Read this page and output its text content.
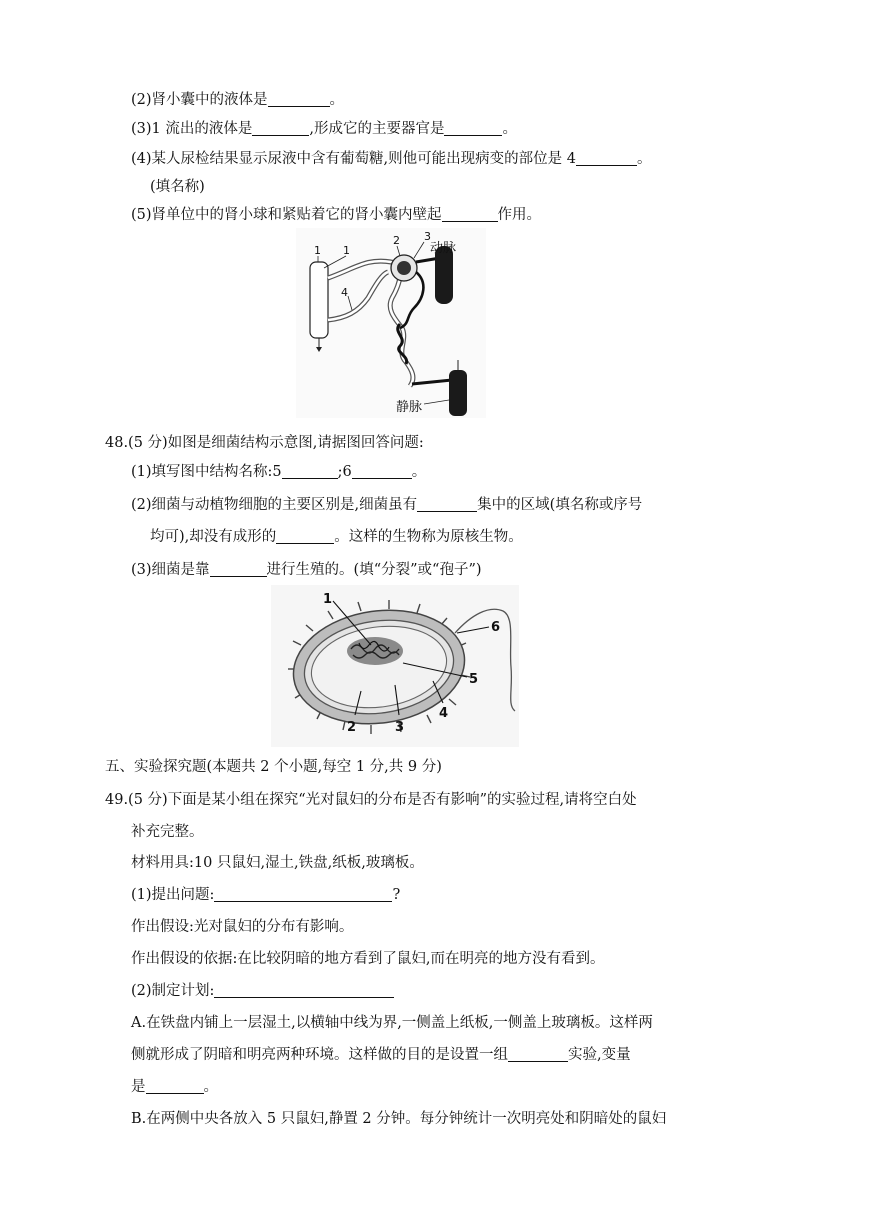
(2)肾小囊中的液体是	。
(3)1 流出的液体是	,形成它的主要器官是	。
(4)某人尿检结果显示尿液中含有葡萄糖,则他可能出现病变的部位是 4	。
(填名称)
(5)肾单位中的肾小球和紧贴着它的肾小囊内壁起	作用。
1 1
4
2 3
动脉
静脉
48.(5 分)如图是细菌结构示意图,请据图回答问题:
(1)填写图中结构名称:5	;6	。
(2)细菌与动植物细胞的主要区别是,细菌虽有	集中的区域(填名称或序号
均可),却没有成形的	。这样的生物称为原核生物。
(3)细菌是靠	进行生殖的。(填“分裂”或“孢子”)
1
6
5
2	3
4
五、实验探究题(本题共 2 个小题,每空 1 分,共 9 分)
49.(5 分)下面是某小组在探究“光对鼠妇的分布是否有影响”的实验过程,请将空白处
补充完整。
材料用具:10 只鼠妇,湿土,铁盘,纸板,玻璃板。
(1)提出问题:	?
作出假设:光对鼠妇的分布有影响。
作出假设的依据:在比较阴暗的地方看到了鼠妇,而在明亮的地方没有看到。
(2)制定计划:
A.在铁盘内铺上一层湿土,以横轴中线为界,一侧盖上纸板,一侧盖上玻璃板。这样两
侧就形成了阴暗和明亮两种环境。这样做的目的是设置一组	实验,变量
是	。
B.在两侧中央各放入 5 只鼠妇,静置 2 分钟。每分钟统计一次明亮处和阴暗处的鼠妇
